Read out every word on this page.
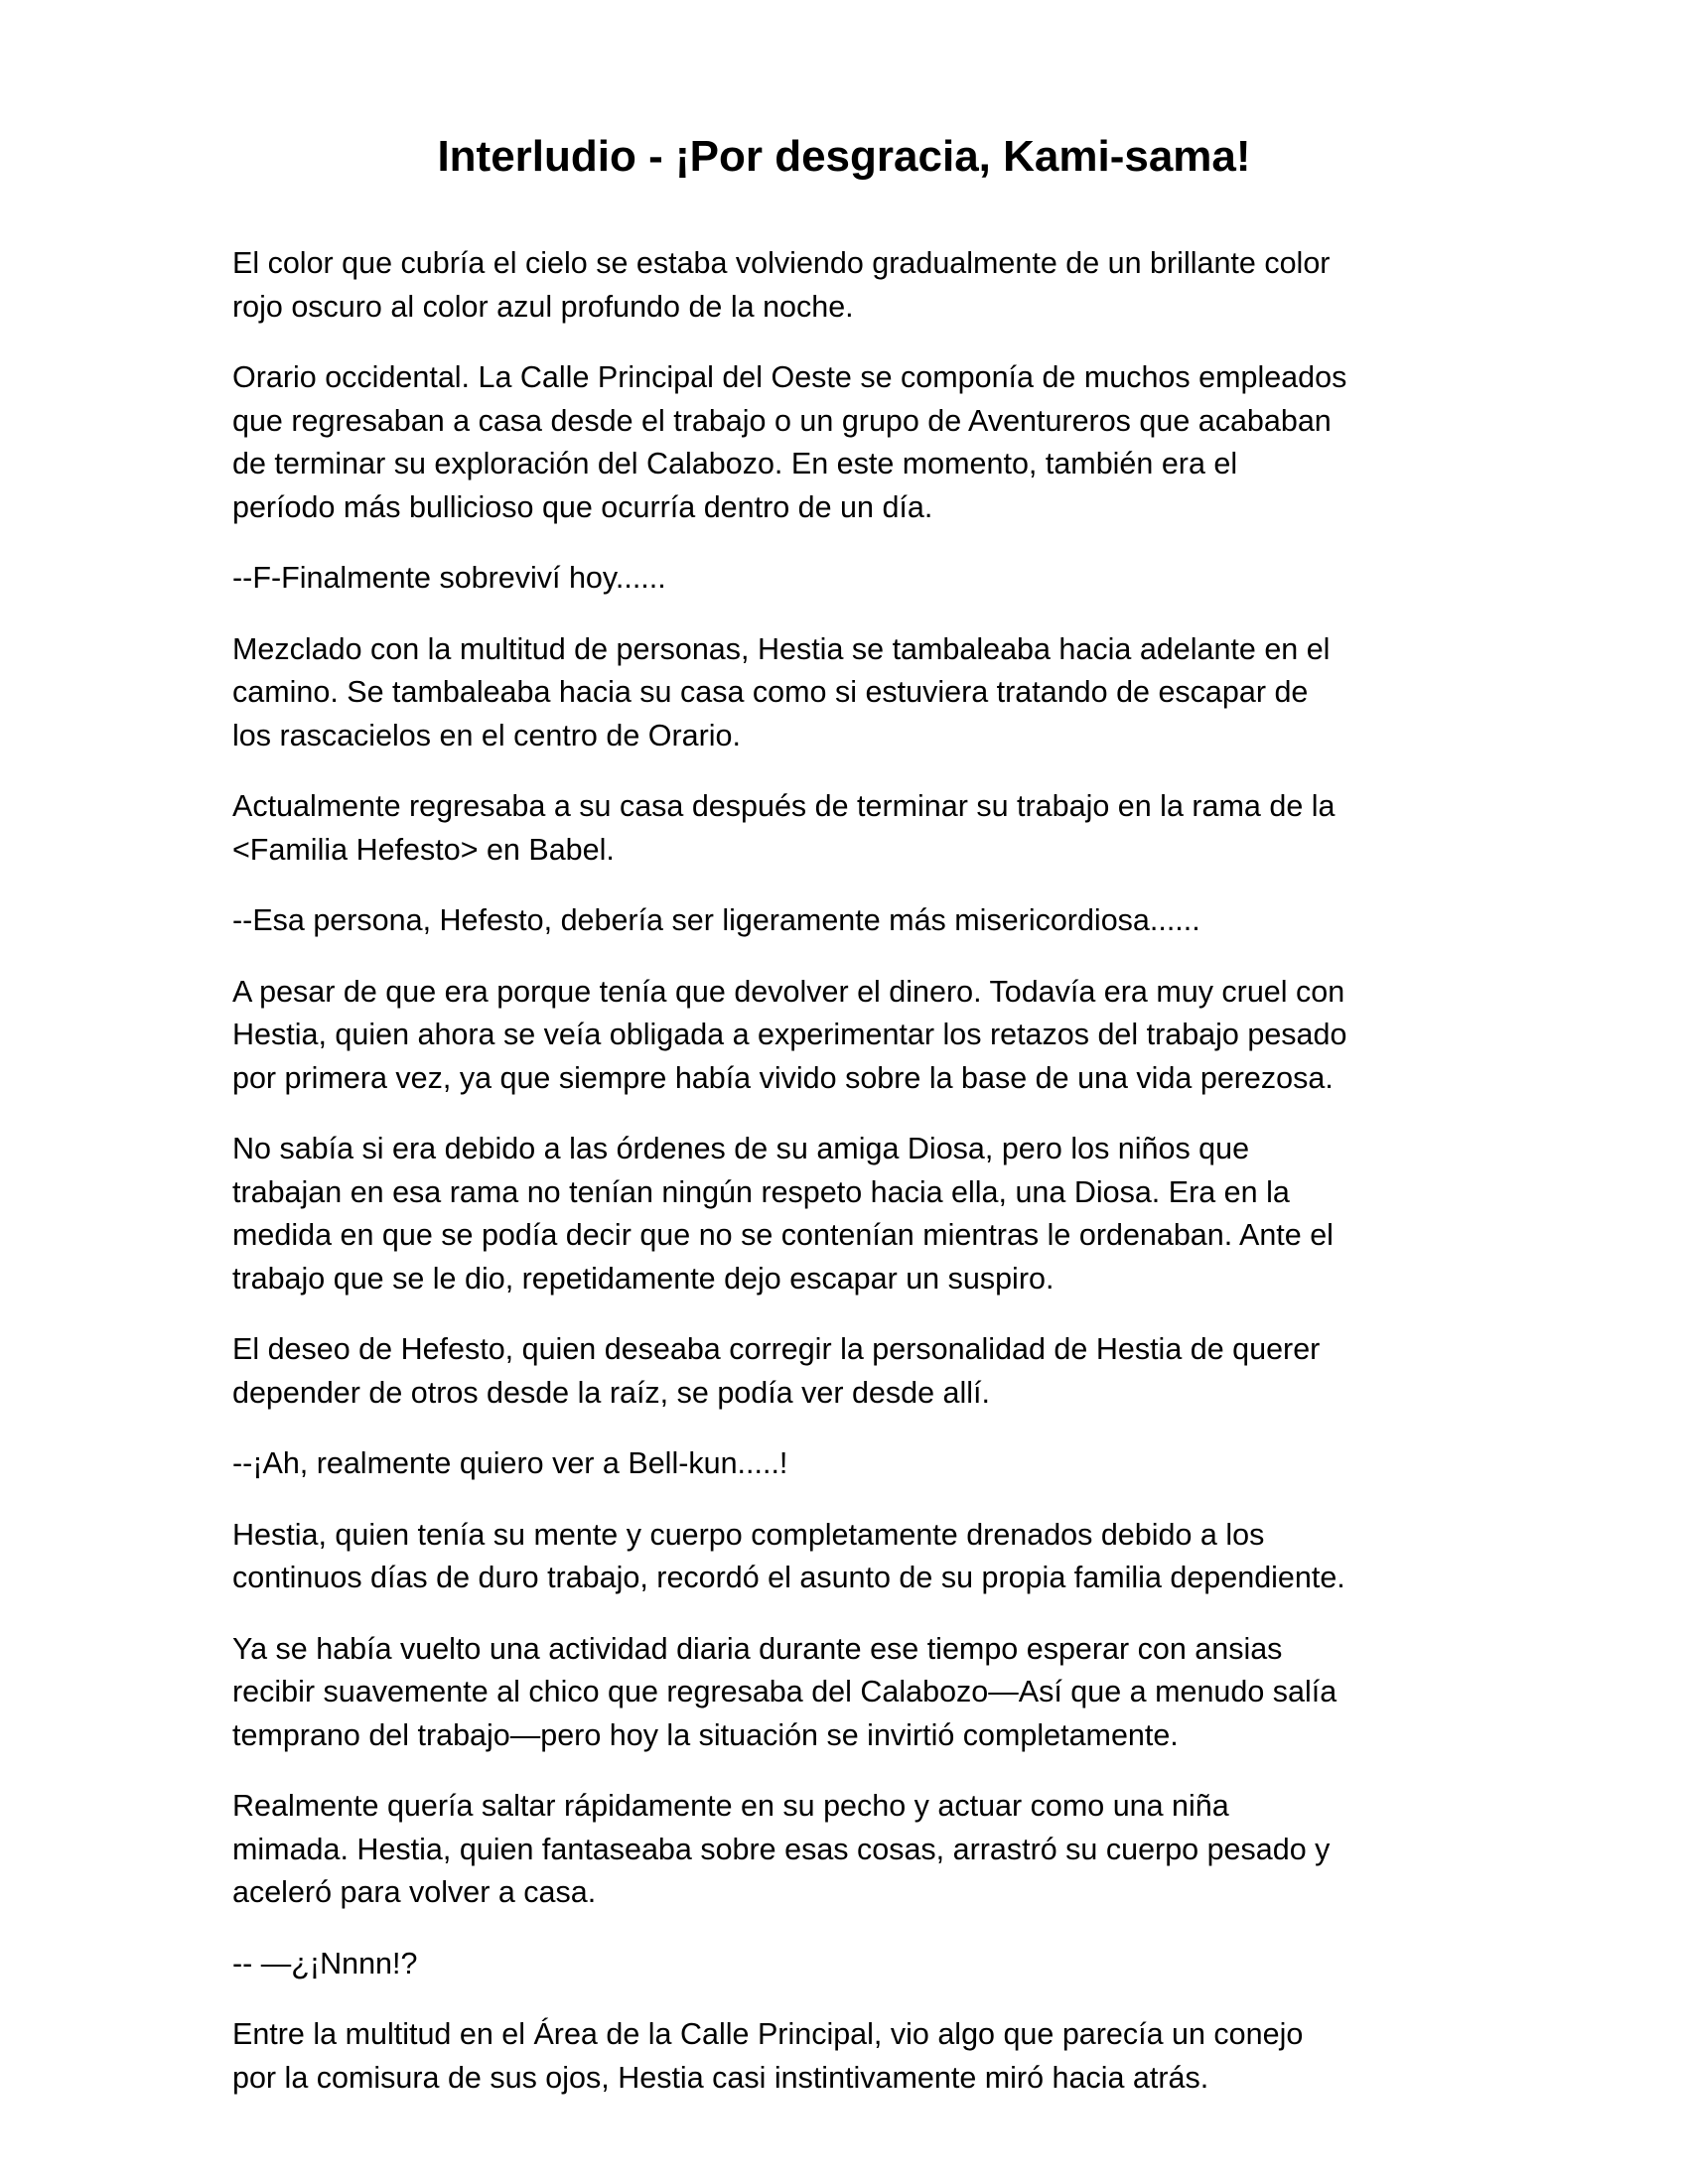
Interludio - ¡Por desgracia, Kami-sama!

El color que cubría el cielo se estaba volviendo gradualmente de un brillante color
rojo oscuro al color azul profundo de la noche.

Orario occidental. La Calle Principal del Oeste se componía de muchos empleados
que regresaban a casa desde el trabajo o un grupo de Aventureros que acababan
de terminar su exploración del Calabozo. En este momento, también era el
período más bullicioso que ocurría dentro de un día.

--F-Finalmente sobreviví hoy......

Mezclado con la multitud de personas, Hestia se tambaleaba hacia adelante en el
camino. Se tambaleaba hacia su casa como si estuviera tratando de escapar de
los rascacielos en el centro de Orario.

Actualmente regresaba a su casa después de terminar su trabajo en la rama de la
<Familia Hefesto> en Babel.

--Esa persona, Hefesto, debería ser ligeramente más misericordiosa......

A pesar de que era porque tenía que devolver el dinero. Todavía era muy cruel con
Hestia, quien ahora se veía obligada a experimentar los retazos del trabajo pesado
por primera vez, ya que siempre había vivido sobre la base de una vida perezosa.

No sabía si era debido a las órdenes de su amiga Diosa, pero los niños que
trabajan en esa rama no tenían ningún respeto hacia ella, una Diosa. Era en la
medida en que se podía decir que no se contenían mientras le ordenaban. Ante el
trabajo que se le dio, repetidamente dejo escapar un suspiro.

El deseo de Hefesto, quien deseaba corregir la personalidad de Hestia de querer
depender de otros desde la raíz, se podía ver desde allí.

--¡Ah, realmente quiero ver a Bell-kun.....!

Hestia, quien tenía su mente y cuerpo completamente drenados debido a los
continuos días de duro trabajo, recordó el asunto de su propia familia dependiente.

Ya se había vuelto una actividad diaria durante ese tiempo esperar con ansias
recibir suavemente al chico que regresaba del Calabozo—Así que a menudo salía
temprano del trabajo—pero hoy la situación se invirtió completamente.

Realmente quería saltar rápidamente en su pecho y actuar como una niña
mimada. Hestia, quien fantaseaba sobre esas cosas, arrastró su cuerpo pesado y
aceleró para volver a casa.

-- —¿¡Nnnn!?

Entre la multitud en el Área de la Calle Principal, vio algo que parecía un conejo
por la comisura de sus ojos, Hestia casi instintivamente miró hacia atrás.
